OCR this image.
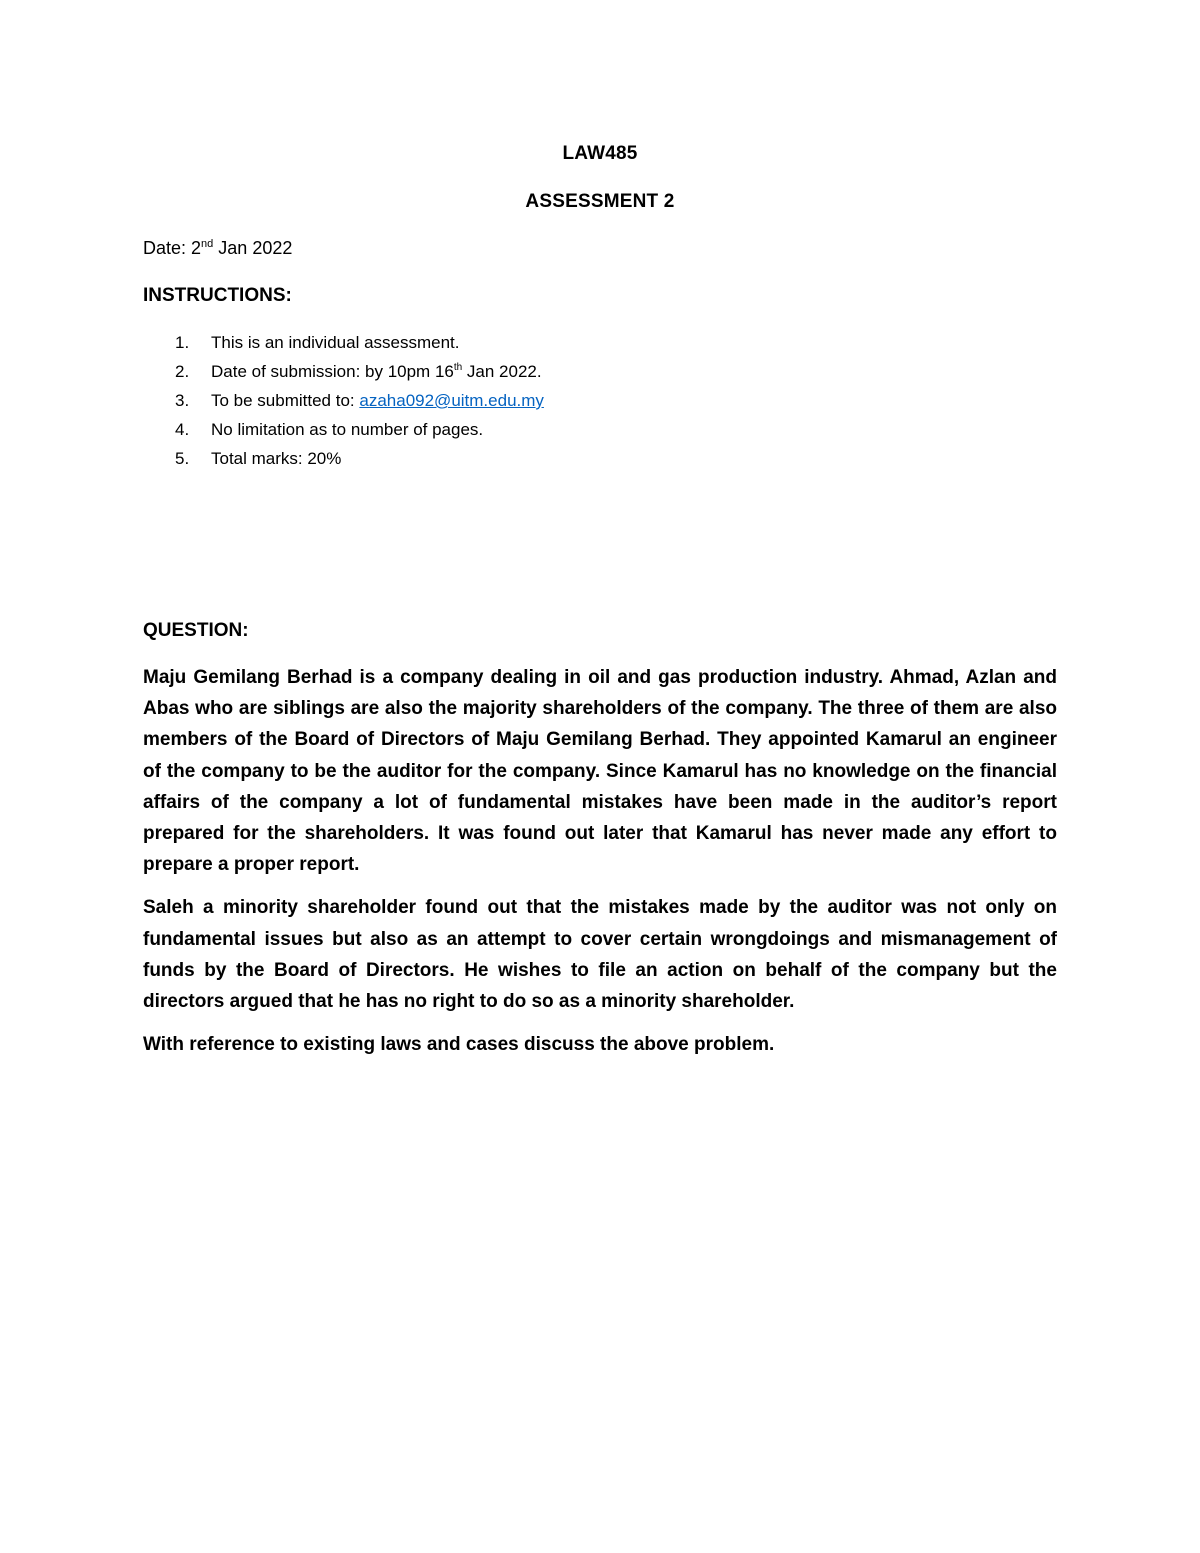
LAW485
ASSESSMENT 2
Date: 2nd Jan 2022
INSTRUCTIONS:
1. This is an individual assessment.
2. Date of submission: by 10pm 16th Jan 2022.
3. To be submitted to: azaha092@uitm.edu.my
4. No limitation as to number of pages.
5. Total marks: 20%
QUESTION:

Maju Gemilang Berhad is a company dealing in oil and gas production industry. Ahmad, Azlan and Abas who are siblings are also the majority shareholders of the company. The three of them are also members of the Board of Directors of Maju Gemilang Berhad. They appointed Kamarul an engineer of the company to be the auditor for the company. Since Kamarul has no knowledge on the financial affairs of the company a lot of fundamental mistakes have been made in the auditor’s report prepared for the shareholders. It was found out later that Kamarul has never made any effort to prepare a proper report.

Saleh a minority shareholder found out that the mistakes made by the auditor was not only on fundamental issues but also as an attempt to cover certain wrongdoings and mismanagement of funds by the Board of Directors. He wishes to file an action on behalf of the company but the directors argued that he has no right to do so as a minority shareholder.

With reference to existing laws and cases discuss the above problem.
